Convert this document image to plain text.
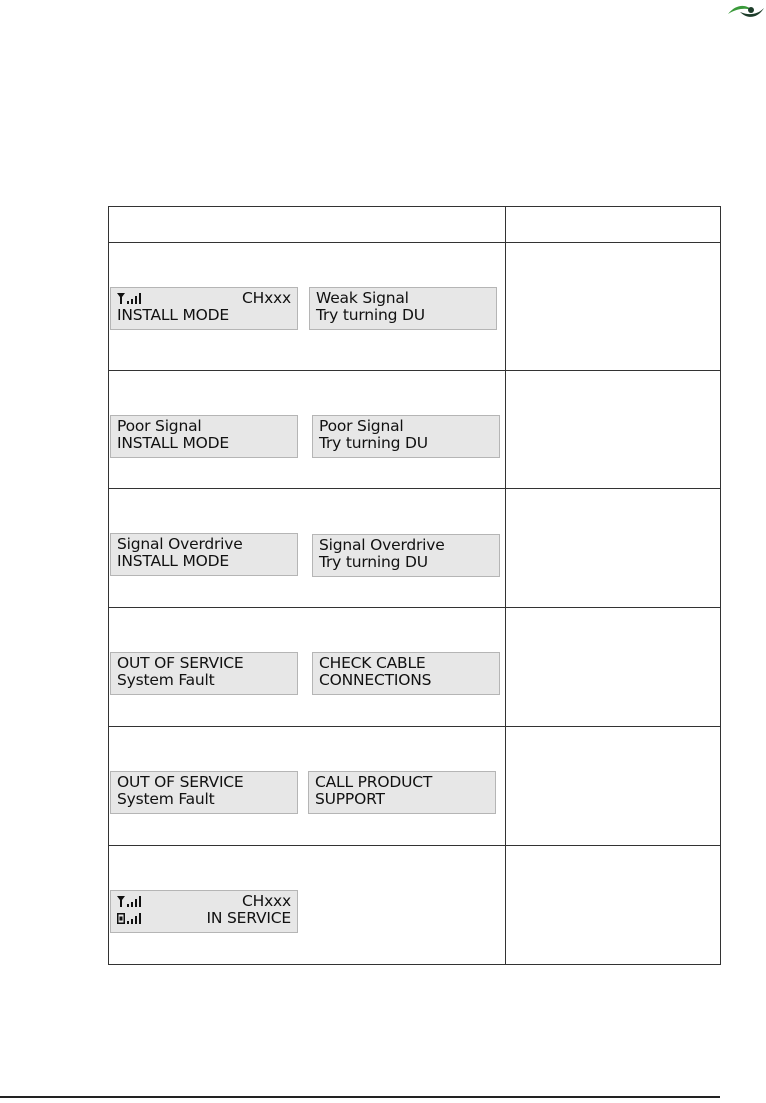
CHxxx
INSTALL MODE
Weak Signal
Try turning DU	

Poor Signal
INSTALL MODE
Poor Signal
Try turning DU	

Signal Overdrive
INSTALL MODE
Signal Overdrive
Try turning DU	

OUT OF SERVICE
System Fault
CHECK CABLE
CONNECTIONS	

OUT OF SERVICE
System Fault
CALL PRODUCT
SUPPORT	

CHxxx
IN SERVICE	
